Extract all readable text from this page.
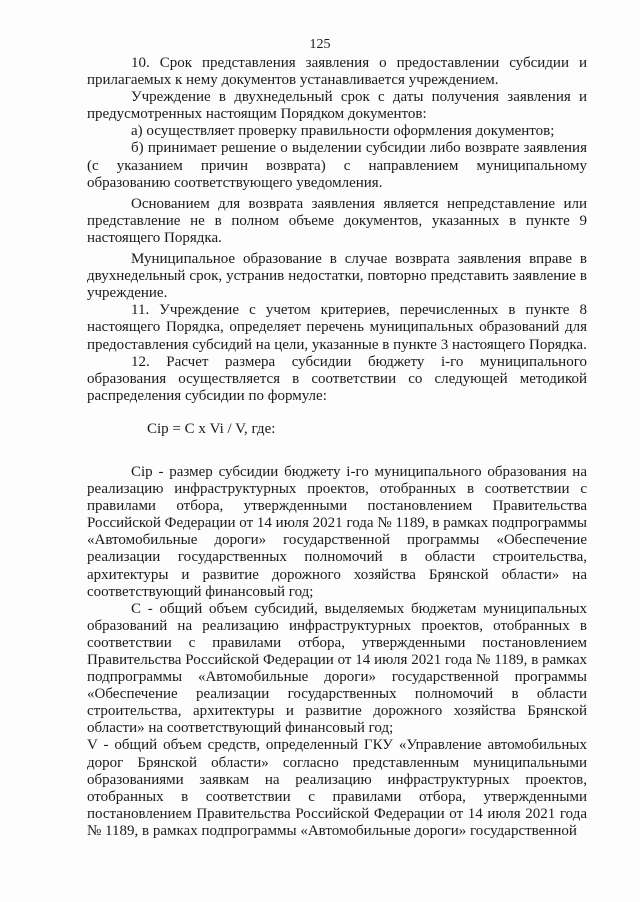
125

10. Срок представления заявления о предоставлении субсидии и прилагаемых к нему документов устанавливается учреждением.

Учреждение в двухнедельный срок с даты получения заявления и предусмотренных настоящим Порядком документов:

а) осуществляет проверку правильности оформления документов;

б) принимает решение о выделении субсидии либо возврате заявления (с указанием причин возврата) с направлением муниципальному образованию соответствующего уведомления.

Основанием для возврата заявления является непредставление или представление не в полном объеме документов, указанных в пункте 9 настоящего Порядка.

Муниципальное образование в случае возврата заявления вправе в двухнедельный срок, устранив недостатки, повторно представить заявление в учреждение.

11. Учреждение с учетом критериев, перечисленных в пункте 8 настоящего Порядка, определяет перечень муниципальных образований для предоставления субсидий на цели, указанные в пункте 3 настоящего Порядка.

12. Расчет размера субсидии бюджету i-го муниципального образования осуществляется в соответствии со следующей методикой распределения субсидии по формуле:

Ciр = С х Vi / V, где:

Ciр - размер субсидии бюджету i-го муниципального образования на реализацию инфраструктурных проектов, отобранных в соответствии с правилами отбора, утвержденными постановлением Правительства Российской Федерации от 14 июля 2021 года № 1189, в рамках подпрограммы «Автомобильные дороги» государственной программы «Обеспечение реализации государственных полномочий в области строительства, архитектуры и развитие дорожного хозяйства Брянской области» на соответствующий финансовый год;

С - общий объем субсидий, выделяемых бюджетам муниципальных образований на реализацию инфраструктурных проектов, отобранных в соответствии с правилами отбора, утвержденными постановлением Правительства Российской Федерации от 14 июля 2021 года № 1189, в рамках подпрограммы «Автомобильные дороги» государственной программы «Обеспечение реализации государственных полномочий в области строительства, архитектуры и развитие дорожного хозяйства Брянской области» на соответствующий финансовый год;

V - общий объем средств, определенный ГКУ «Управление автомобильных дорог Брянской области» согласно представленным муниципальными образованиями заявкам на реализацию инфраструктурных проектов, отобранных в соответствии с правилами отбора, утвержденными постановлением Правительства Российской Федерации от 14 июля 2021 года № 1189, в рамках подпрограммы «Автомобильные дороги» государственной
